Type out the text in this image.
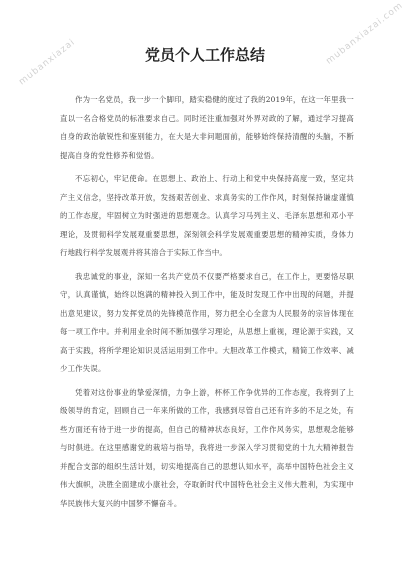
mubanxiazai	mubanxiazai.com
党员个人工作总结

作为一名党员，我一步一个脚印，踏实稳健的度过了我的2019年，在这一年里我一直以一名合格党员的标准要求自己。同时还注重加强对外界对政的了解，通过学习提高自身的政治敏锐性和鉴别能力，在大是大非问题面前，能够始终保持清醒的头脑，不断提高自身的党性修养和觉悟。

不忘初心，牢记使命。在思想上、政治上、行动上和党中央保持高度一致，坚定共产主义信念，坚持改革开放，发扬艰苦创业、求真务实的工作作风，时刻保持谦虚谨慎的工作态度，牢固树立为时强迸的思想观念。认真学习马列主义、毛泽东思想和邓小平理论，及贯彻科学发展观重要思想，深刻领会科学发展观重要思想的精神实质，身体力行地践行科学发展观并将其溶合于实际工作当中。

我忠诚党的事业，深知一名共产党员不仅要严格要求自己，在工作上，更要恪尽职守，认真谨慎，始终以饱满的精神投入到工作中，能及时发现工作中出现的问题，并提出意见建议，努力发挥党员的先锋模范作用，努力把全心全意为人民服务的宗旨体现在每一项工作中。并利用业余时间不断加强学习理论，从思想上重视，理论源于实践，又高于实践，将所学理论知识灵活运用到工作中。大胆改革工作模式，精简工作效率、减少工作失误。

凭着对这份事业的挚爱深情，力争上游，杯杯工作争优异的工作态度，我将到了上级领导的肯定，回顾自己一年来所做的工作，我感到尽管自己还有许多的不足之处，有些方面还有待于进一步的提高，但自己的精神状态良好，工作作风务实，思想观念能够与时俱进。在这里感谢党的栽培与指导，我将进一步深入学习贯彻党的十九大精神报告并配合支部的组织生活计划，切实地提高自己的思想认知水平，高举中国特色社会主义伟大旗帜，决胜全面建成小康社会，夺取新时代中国特色社会主义伟大胜利，为实现中华民族伟大复兴的中国梦不懈奋斗。
